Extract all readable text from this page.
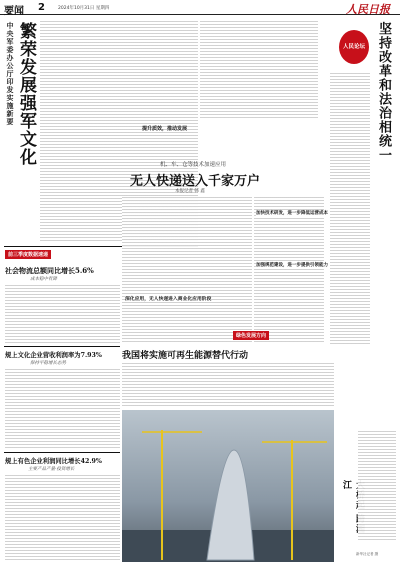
要闻 2	2024年10月31日 星期四	人民日报
中央军委办公厅印发实施新要 繁荣发展强军文化
前三季度数据速递
社会物流总额同比增长5.6%
成本稳中有降
规上文化企业营收利润率为7.93%
保持平稳增长态势
规上有色企业利润同比增长42.9%
主要产品产量·投资增长
提升质效，推动发展
机、车、仓等技术加速应用
无人快递送入千家万户
本报记者 韩 鑫
深化应用，无人快递进入商业化应用阶段
加快技术研发，进一步降低运营成本
加强规范建设，进一步提供引领能力
人民论坛 坚持改革和法治相统一
绿色发展方向
我国将实施可再生能源替代行动
江
新华社记者 摄
